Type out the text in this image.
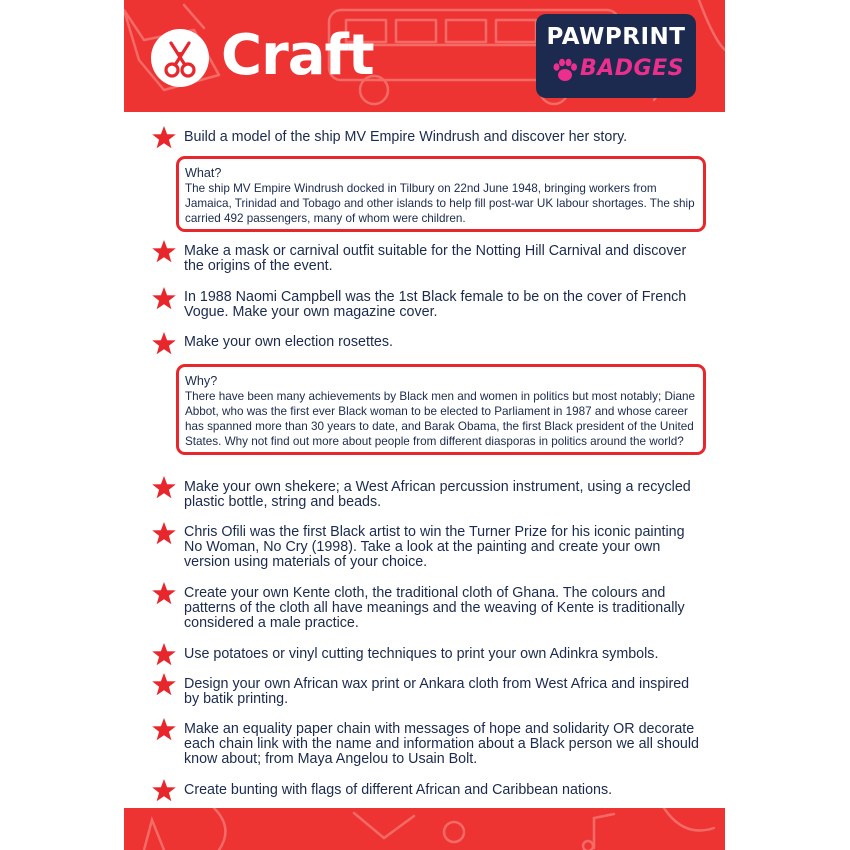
Craft	PAWPRINT
BADGES
Build a model of the ship MV Empire Windrush and discover her story.
What?
The ship MV Empire Windrush docked in Tilbury on 22nd June 1948, bringing workers from Jamaica, Trinidad and Tobago and other islands to help fill post-war UK labour shortages. The ship carried 492 passengers, many of whom were children.
Make a mask or carnival outfit suitable for the Notting Hill Carnival and discover the origins of the event.
In 1988 Naomi Campbell was the 1st Black female to be on the cover of French Vogue. Make your own magazine cover.
Make your own election rosettes.
Why?
There have been many achievements by Black men and women in politics but most notably; Diane Abbot, who was the first ever Black woman to be elected to Parliament in 1987 and whose career has spanned more than 30 years to date, and Barak Obama, the first Black president of the United States. Why not find out more about people from different diasporas in politics around the world?
Make your own shekere; a West African percussion instrument, using a recycled plastic bottle, string and beads.
Chris Ofili was the first Black artist to win the Turner Prize for his iconic painting No Woman, No Cry (1998). Take a look at the painting and create your own version using materials of your choice.
Create your own Kente cloth, the traditional cloth of Ghana. The colours and patterns of the cloth all have meanings and the weaving of Kente is traditionally considered a male practice.
Use potatoes or vinyl cutting techniques to print your own Adinkra symbols.
Design your own African wax print or Ankara cloth from West Africa and inspired by batik printing.
Make an equality paper chain with messages of hope and solidarity OR decorate each chain link with the name and information about a Black person we all should know about; from Maya Angelou to Usain Bolt.
Create bunting with flags of different African and Caribbean nations.
